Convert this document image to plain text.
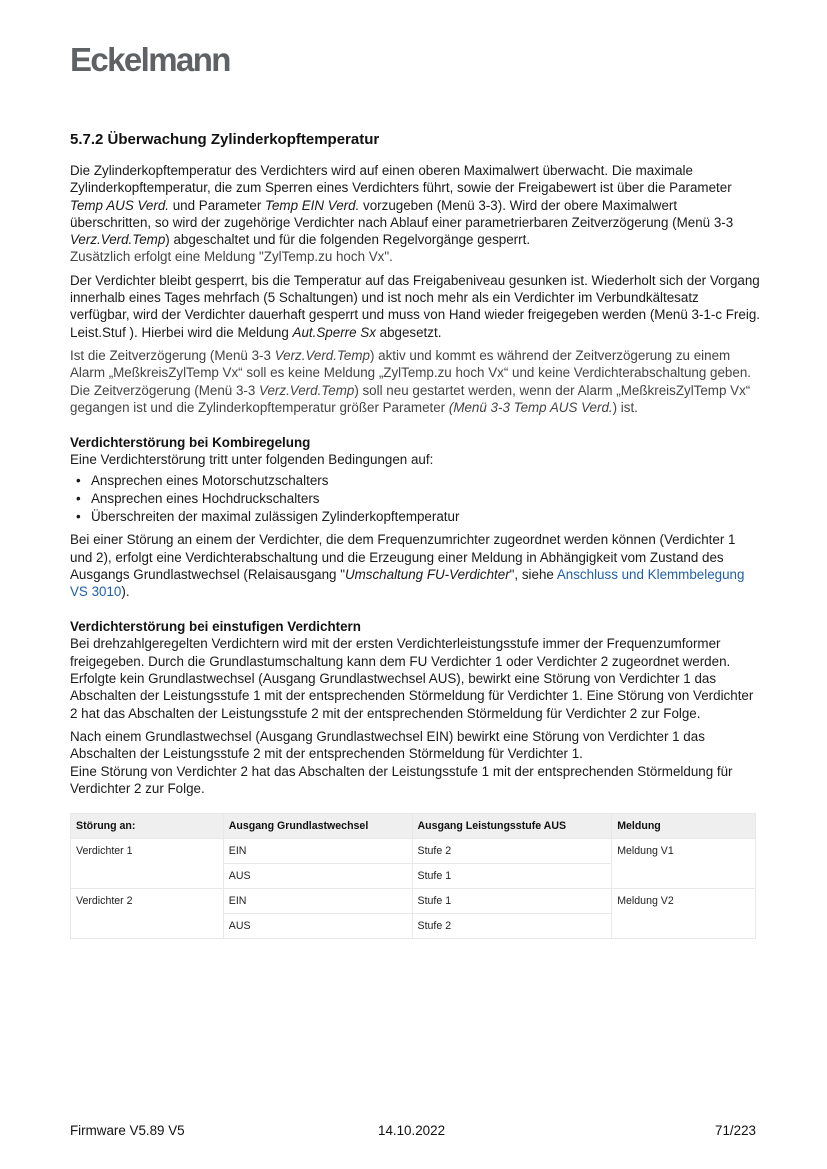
Eckelmann
5.7.2 Überwachung Zylinderkopftemperatur

Die Zylinderkopftemperatur des Verdichters wird auf einen oberen Maximalwert überwacht. Die maximale Zylinderkopftemperatur, die zum Sperren eines Verdichters führt, sowie der Freigabewert ist über die Parameter Temp AUS Verd. und Parameter Temp EIN Verd. vorzugeben (Menü 3-3). Wird der obere Maximalwert überschritten, so wird der zugehörige Verdichter nach Ablauf einer parametrierbaren Zeitverzögerung (Menü 3-3 Verz.Verd.Temp) abgeschaltet und für die folgenden Regelvorgänge gesperrt.
Zusätzlich erfolgt eine Meldung "ZylTemp.zu hoch Vx".

Der Verdichter bleibt gesperrt, bis die Temperatur auf das Freigabeniveau gesunken ist. Wiederholt sich der Vorgang innerhalb eines Tages mehrfach (5 Schaltungen) und ist noch mehr als ein Verdichter im Verbundkältesatz verfügbar, wird der Verdichter dauerhaft gesperrt und muss von Hand wieder freigegeben werden (Menü 3-1-c Freig. Leist.Stuf ). Hierbei wird die Meldung Aut.Sperre Sx abgesetzt.

Ist die Zeitverzögerung (Menü 3-3 Verz.Verd.Temp) aktiv und kommt es während der Zeitverzögerung zu einem Alarm „MeßkreisZylTemp Vx“ soll es keine Meldung „ZylTemp.zu hoch Vx“ und keine Verdichterabschaltung geben. Die Zeitverzögerung (Menü 3-3 Verz.Verd.Temp) soll neu gestartet werden, wenn der Alarm „MeßkreisZylTemp Vx“ gegangen ist und die Zylinderkopftemperatur größer Parameter (Menü 3-3 Temp AUS Verd.) ist.

Verdichterstörung bei Kombiregelung

Eine Verdichterstörung tritt unter folgenden Bedingungen auf:

• Ansprechen eines Motorschutzschalters
• Ansprechen eines Hochdruckschalters
• Überschreiten der maximal zulässigen Zylinderkopftemperatur

Bei einer Störung an einem der Verdichter, die dem Frequenzumrichter zugeordnet werden können (Verdichter 1 und 2), erfolgt eine Verdichterabschaltung und die Erzeugung einer Meldung in Abhängigkeit vom Zustand des Ausgangs Grundlastwechsel (Relaisausgang "Umschaltung FU-Verdichter", siehe Anschluss und Klemmbelegung VS 3010).

Verdichterstörung bei einstufigen Verdichtern

Bei drehzahlgeregelten Verdichtern wird mit der ersten Verdichterleistungsstufe immer der Frequenzumformer freigegeben. Durch die Grundlastumschaltung kann dem FU Verdichter 1 oder Verdichter 2 zugeordnet werden. Erfolgte kein Grundlastwechsel (Ausgang Grundlastwechsel AUS), bewirkt eine Störung von Verdichter 1 das Abschalten der Leistungsstufe 1 mit der entsprechenden Störmeldung für Verdichter 1. Eine Störung von Verdichter 2 hat das Abschalten der Leistungsstufe 2 mit der entsprechenden Störmeldung für Verdichter 2 zur Folge.

Nach einem Grundlastwechsel (Ausgang Grundlastwechsel EIN) bewirkt eine Störung von Verdichter 1 das Abschalten der Leistungsstufe 2 mit der entsprechenden Störmeldung für Verdichter 1.

Eine Störung von Verdichter 2 hat das Abschalten der Leistungsstufe 1 mit der entsprechenden Störmeldung für Verdichter 2 zur Folge.

Störung an:	Ausgang Grundlastwechsel	Ausgang Leistungsstufe AUS	Meldung
Verdichter 1	EIN	Stufe 2	Meldung V1
	AUS	Stufe 1	
Verdichter 2	EIN	Stufe 1	Meldung V2
	AUS	Stufe 2	
Firmware V5.89 V5	14.10.2022	71/223
